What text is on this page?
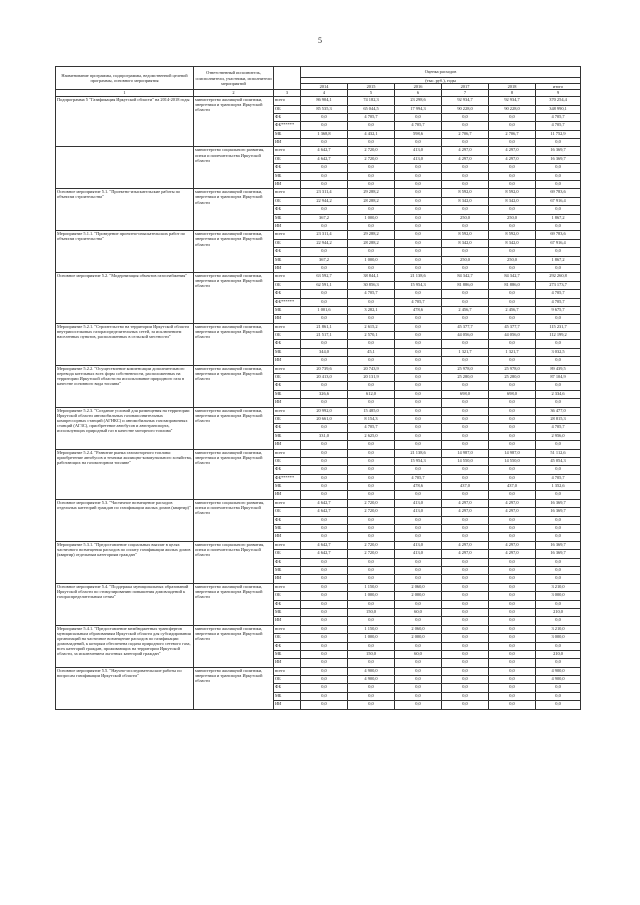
5
Наименование программы, подпрограммы, ведомственной целевой программы, основного мероприятия	Ответственный исполнитель, соисполнители, участники, исполнители мероприятий		Оценка расходов					
			(тыс. руб.), годы					
			2014	2015	2016	2017	2018	итого
1	2	3	4	5	6	7	8	9
Подпрограмма 5 "Газификация Иркутской области" на 2014-2018 годы	министерство жилищной политики, энергетики и транспорта Иркутской области	всего	86 904,1	74 182,3	23 298,6	92 934,7	92 934,7	370 254,4
		ОБ	85 535,3	65 044,5	17 994,3	90 228,0	90 228,0	348 990,1
		ФБ	0,0	4 705,7	0,0	0,0	0,0	4 705,7
		ФБ******	0,0	0,0	4 705,7	0,0	0,0	4 705,7
		МБ	1 368,8	4 432,1	598,6	2 706,7	2 706,7	11 752,9
		ИИ	0,0	0,0	0,0	0,0	0,0	0,0
	министерство социального развития, опеки и попечительства Иркутской области	всего	4 642,7	2 720,0	413,0	4 297,0	4 297,0	16 369,7
		ОБ	4 642,7	2 720,0	413,0	4 297,0	4 297,0	16 369,7
		ФБ	0,0	0,0	0,0	0,0	0,0	0,0
		МБ	0,0	0,0	0,0	0,0	0,0	0,0
		ИИ	0,0	0,0	0,0	0,0	0,0	0,0
Основное мероприятие 5.1. "Проектно-изыскательские работы по объектам строительства"	министерство жилищной политики, энергетики и транспорта Иркутской области	всего	23 311,4	29 288,2	0,0	8 592,0	8 592,0	69 783,6
		ОБ	22 944,2	28 288,2	0,0	8 342,0	8 342,0	67 916,4
		ФБ	0,0	0,0	0,0	0,0	0,0	0,0
		МБ	367,2	1 000,0	0,0	250,0	250,0	1 867,2
		ИИ	0,0	0,0	0,0	0,0	0,0	0,0
Мероприятие 5.1.1. "Проведение проектно-изыскательских работ по объектам строительства"	министерство жилищной политики, энергетики и транспорта Иркутской области	всего	23 311,4	29 288,2	0,0	8 592,0	8 592,0	69 783,6
		ОБ	22 944,2	28 288,2	0,0	8 342,0	8 342,0	67 916,4
		ФБ	0,0	0,0	0,0	0,0	0,0	0,0
		МБ	367,2	1 000,0	0,0	250,0	250,0	1 867,2
		ИИ	0,0	0,0	0,0	0,0	0,0	0,0
Основное мероприятие 5.2. "Модернизация объектов газоснабжения"	министерство жилищной политики, энергетики и транспорта Иркутской области	всего	63 592,7	38 844,1	21 138,6	84 342,7	84 342,7	292 260,8
		ОБ	62 591,1	30 856,3	15 954,3	81 886,0	81 886,0	273 173,7
		ФБ	0,0	4 705,7	0,0	0,0	0,0	4 705,7
		ФБ******	0,0	0,0	4 705,7	0,0	0,0	4 705,7
		МБ	1 001,6	3 282,1	478,6	2 456,7	2 456,7	9 675,7
		ИИ	0,0	0,0	0,0	0,0	0,0	0,0
Мероприятие 5.2.1. "Строительство на территории Иркутской области внутрипоселковых газораспределительных сетей, за исключением населенных пунктов, расположенных в сельской местности"	министерство жилищной политики, энергетики и транспорта Иркутской области	всего	21 861,1	2 615,2	0,0	45 377,7	45 377,7	115 231,7
		ОБ	21 517,1	2 570,1	0,0	44 056,0	44 056,0	112 199,2
		ФБ	0,0	0,0	0,0	0,0	0,0	0,0
		МБ	344,0	45,1	0,0	1 321,7	1 321,7	3 032,5
		ИИ	0,0	0,0	0,0	0,0	0,0	0,0
Мероприятие 5.2.2. "Осуществление компенсации дополнительного перевода котельных всех форм собственности, расположенных на территории Иркутской области на использование природного газа в качестве основного вида топлива"	министерство жилищной политики, энергетики и транспорта Иркутской области	всего	20 739,6	20 743,9	0,0	25 978,0	25 978,0	89 439,5
		ОБ	20 413,0	20 131,9	0,0	25 280,0	25 280,0	87 104,9
		ФБ	0,0	0,0	0,0	0,0	0,0	0,0
		МБ	326,6	612,0	0,0	698,0	698,0	2 334,6
		ИИ	0,0	0,0	0,0	0,0	0,0	0,0
Мероприятие 5.2.3. "Создание условий для размещения на территории Иркутской области автомобильных газонаполнительных компрессорных станций (АГНКС) и автомобильных газозаправочных станций (АГЗС), приобретение автобусов и автотранспорта, использующих природный газ в качестве моторного топлива"	министерство жилищной политики, энергетики и транспорта Иркутской области	всего	20 992,0	15 485,0	0,0	0,0	0,0	36 477,0
		ОБ	20 661,0	8 154,3	0,0	0,0	0,0	28 815,3
		ФБ	0,0	4 705,7	0,0	0,0	0,0	4 705,7
		МБ	331,0	2 625,0	0,0	0,0	0,0	2 956,0
		ИИ	0,0	0,0	0,0	0,0	0,0	0,0
Мероприятие 5.2.4. "Развитие рынка газомоторного топлива: приобретение автобусов и техники жилищно-коммунального хозяйства, работающих на газомоторном топливе"	министерство жилищной политики, энергетики и транспорта Иркутской области	всего	0,0	0,0	21 138,6	14 987,0	14 987,0	51 112,6
		ОБ	0,0	0,0	15 954,3	14 550,0	14 550,0	45 054,3
		ФБ	0,0	0,0	0,0	0,0	0,0	0,0
		ФБ******	0,0	0,0	4 705,7	0,0	0,0	4 705,7
		МБ	0,0	0,0	478,6	437,0	437,0	1 352,6
		ИИ	0,0	0,0	0,0	0,0	0,0	0,0
Основное мероприятие 5.3. "Частичное возмещение расходов отдельных категорий граждан по газификации жилых домов (квартир)"	министерство социального развития, опеки и попечительства Иркутской области	всего	4 642,7	2 720,0	413,0	4 297,0	4 297,0	16 369,7
		ОБ	4 642,7	2 720,0	413,0	4 297,0	4 297,0	16 369,7
		ФБ	0,0	0,0	0,0	0,0	0,0	0,0
		МБ	0,0	0,0	0,0	0,0	0,0	0,0
		ИИ	0,0	0,0	0,0	0,0	0,0	0,0
Мероприятие 5.3.1. "Предоставление социальных выплат в целях частичного возмещения расходов по оплату газификации жилых домов (квартир) отдельным категориям граждан"	министерство социального развития, опеки и попечительства Иркутской области	всего	4 642,7	2 720,0	413,0	4 297,0	4 297,0	16 369,7
		ОБ	4 642,7	2 720,0	413,0	4 297,0	4 297,0	16 369,7
		ФБ	0,0	0,0	0,0	0,0	0,0	0,0
		МБ	0,0	0,0	0,0	0,0	0,0	0,0
		ИИ	0,0	0,0	0,0	0,0	0,0	0,0
Основное мероприятие 5.4. "Поддержка муниципальных образований Иркутской области по стимулированию повышения домовладений к газораспределительным сетям"	министерство жилищной политики, энергетики и транспорта Иркутской области	всего	0,0	1 150,0	2 060,0	0,0	0,0	3 210,0
		ОБ	0,0	1 000,0	2 000,0	0,0	0,0	3 000,0
		ФБ	0,0	0,0	0,0	0,0	0,0	0,0
		МБ	0,0	150,0	60,0	0,0	0,0	210,0
		ИИ	0,0	0,0	0,0	0,0	0,0	0,0
Мероприятие 5.4.1. "Предоставление межбюджетных трансфертов муниципальным образованиям Иркутской области для субсидирования организаций на частичное возмещение расходов по газификации домовладений, к которым обеспечена подача природного сетевого газа, всех категорий граждан, проживающих на территории Иркутской области, за исключением льготных категорий граждан"	министерство жилищной политики, энергетики и транспорта Иркутской области	всего	0,0	1 150,0	2 060,0	0,0	0,0	3 210,0
		ОБ	0,0	1 000,0	2 000,0	0,0	0,0	3 000,0
		ФБ	0,0	0,0	0,0	0,0	0,0	0,0
		МБ	0,0	150,0	60,0	0,0	0,0	210,0
		ИИ	0,0	0,0	0,0	0,0	0,0	0,0
Основное мероприятие 5.5. "Научно-исследовательские работы по вопросам газификации Иркутской области"	министерство жилищной политики, энергетики и транспорта Иркутской области	всего	0,0	4 900,0	0,0	0,0	0,0	4 900,0
		ОБ	0,0	4 900,0	0,0	0,0	0,0	4 900,0
		ФБ	0,0	0,0	0,0	0,0	0,0	0,0
		МБ	0,0	0,0	0,0	0,0	0,0	0,0
		ИИ	0,0	0,0	0,0	0,0	0,0	0,0
